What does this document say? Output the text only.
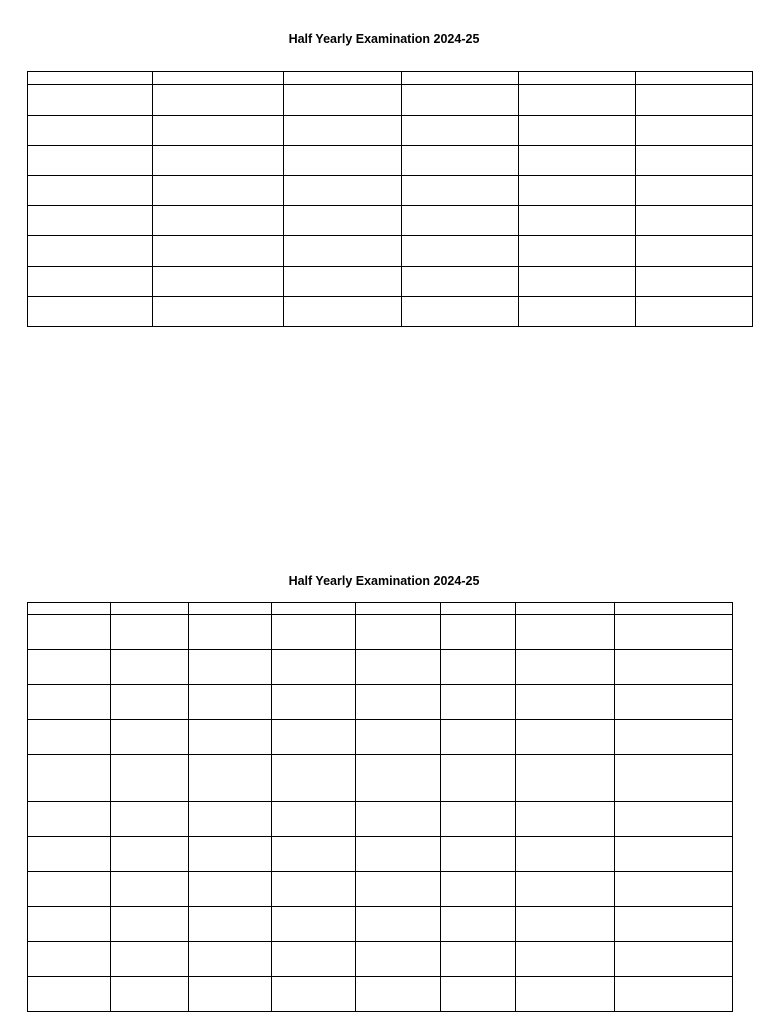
Half Yearly Examination 2024-25

Half Yearly Examination 2024-25
